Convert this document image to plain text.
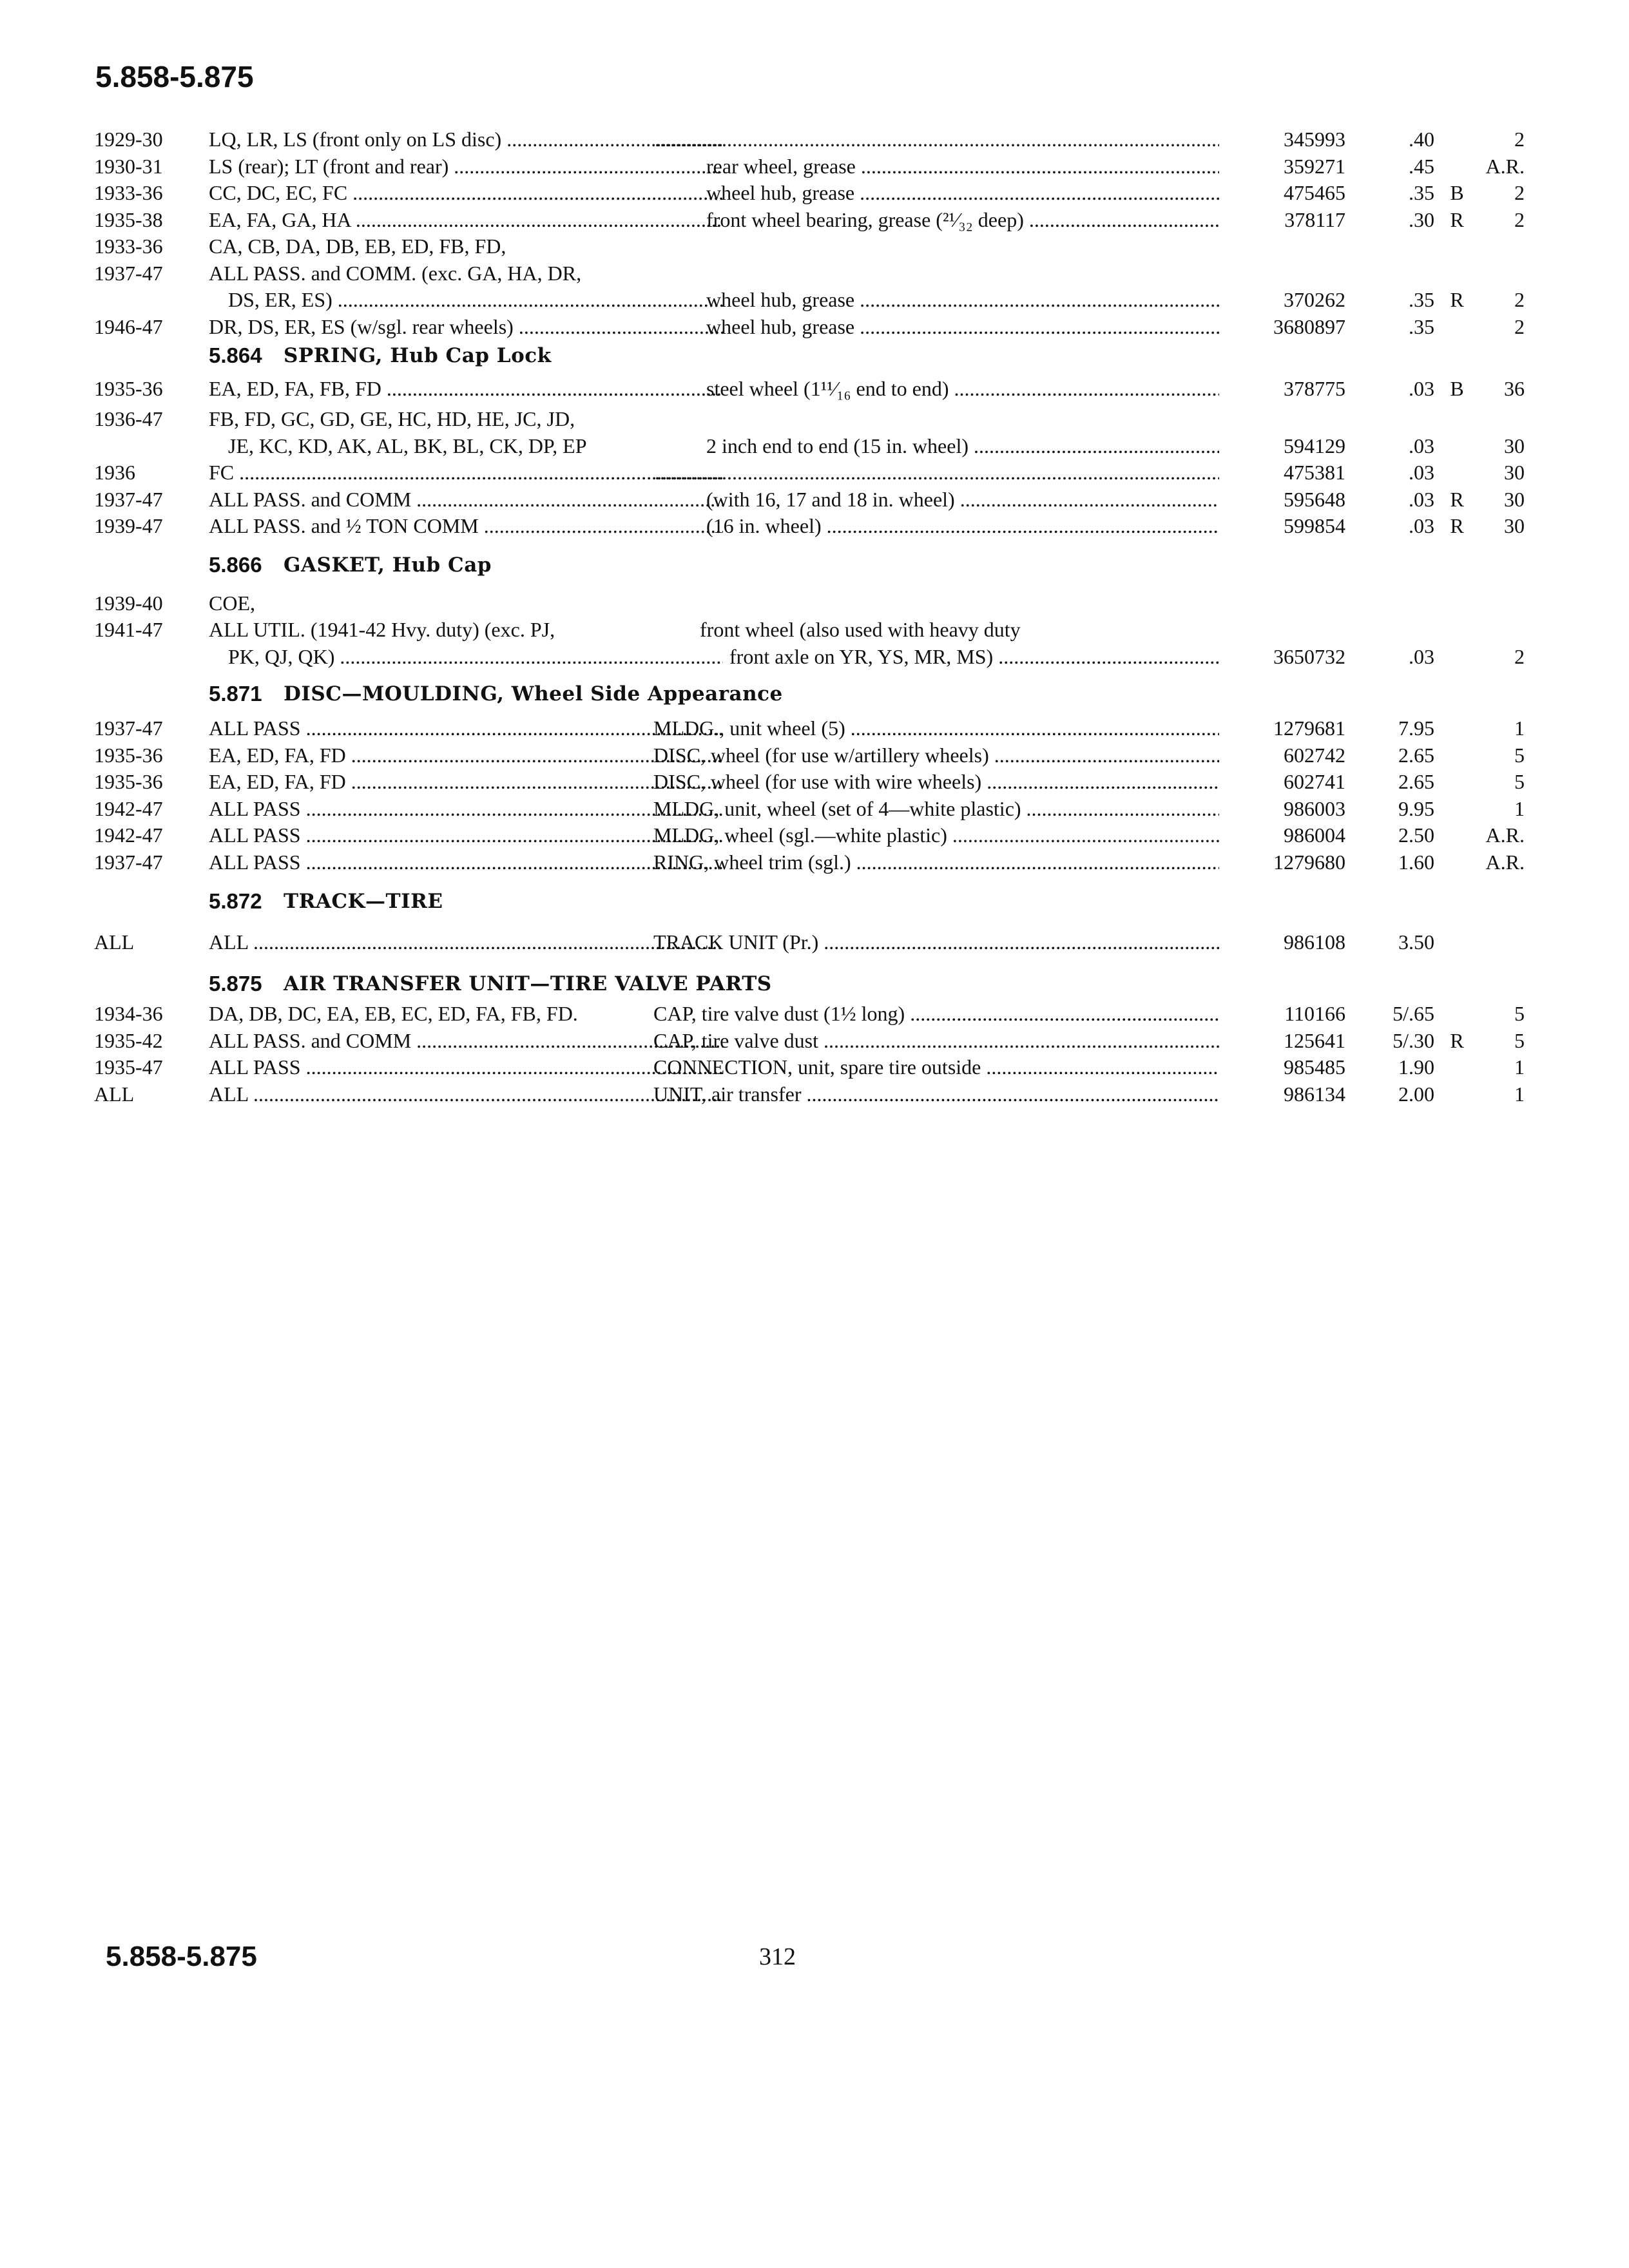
5.858-5.875
1929-30 LQ, LR, LS (front only on LS disc) ..... .....	345993	.40	2
1930-31 LS (rear); LT (front and rear) .....	rear wheel, grease .....	359271	.45	A.R.
1933-36 CC, DC, EC, FC .....	wheel hub, grease .....	475465	.35 B	2
1935-38 EA, FA, GA, HA .....	front wheel bearing, grease (²¹⁄₃₂ deep) .....	378117	.30 R	2
1933-36 CA, CB, DA, DB, EB, ED, FB, FD,
1937-47 ALL PASS. and COMM. (exc. GA, HA, DR,
DS, ER, ES) .....	wheel hub, grease .....	370262	.35 R	2
1946-47 DR, DS, ER, ES (w/sgl. rear wheels) .....	wheel hub, grease .....	3680897	.35	2
5.864 SPRING, Hub Cap Lock
1935-36 EA, ED, FA, FB, FD .....	steel wheel (1¹¹⁄₁₆ end to end) .....	378775	.03 B	36
1936-47 FB, FD, GC, GD, GE, HC, HD, HE, JC, JD,
JE, KC, KD, AK, AL, BK, BL, CK, DP, EP	2 inch end to end (15 in. wheel) .....	594129	.03	30
1936	FC ..... .....	475381	.03	30
1937-47 ALL PASS. and COMM .....	(with 16, 17 and 18 in. wheel) .....	595648	.03 R	30
1939-47 ALL PASS. and ½ TON COMM .....	(16 in. wheel) .....	599854	.03 R	30
5.866 GASKET, Hub Cap
1939-40 COE,
1941-47 ALL UTIL. (1941-42 Hvy. duty) (exc. PJ,	front wheel (also used with heavy duty
PK, QJ, QK) .....	front axle on YR, YS, MR, MS) .....	3650732	.03	2
5.871 DISC—MOULDING, Wheel Side Appearance
1937-47 ALL PASS .....	MLDG., unit wheel (5) .....	1279681	7.95	1
1935-36 EA, ED, FA, FD .....	DISC, wheel (for use w/artillery wheels) .....	602742	2.65	5
1935-36 EA, ED, FA, FD .....	DISC, wheel (for use with wire wheels) .....	602741	2.65	5
1942-47 ALL PASS .....	MLDG, unit, wheel (set of 4—white plastic) .....	986003	9.95	1
1942-47 ALL PASS .....	MLDG, wheel (sgl.—white plastic) .....	986004	2.50	A.R.
1937-47 ALL PASS .....	RING, wheel trim (sgl.) .....	1279680	1.60	A.R.
5.872 TRACK—TIRE
ALL	ALL .....	TRACK UNIT (Pr.) .....	986108	3.50
5.875 AIR TRANSFER UNIT—TIRE VALVE PARTS
1934-36 DA, DB, DC, EA, EB, EC, ED, FA, FB, FD.	CAP, tire valve dust (1½ long) .....	110166	5/.65	5
1935-42 ALL PASS. and COMM .....	CAP, tire valve dust .....	125641	5/.30 R	5
1935-47 ALL PASS .....	CONNECTION, unit, spare tire outside .....	985485	1.90	1
ALL	ALL .....	UNIT, air transfer .....	986134	2.00	1
5.858-5.875	312
